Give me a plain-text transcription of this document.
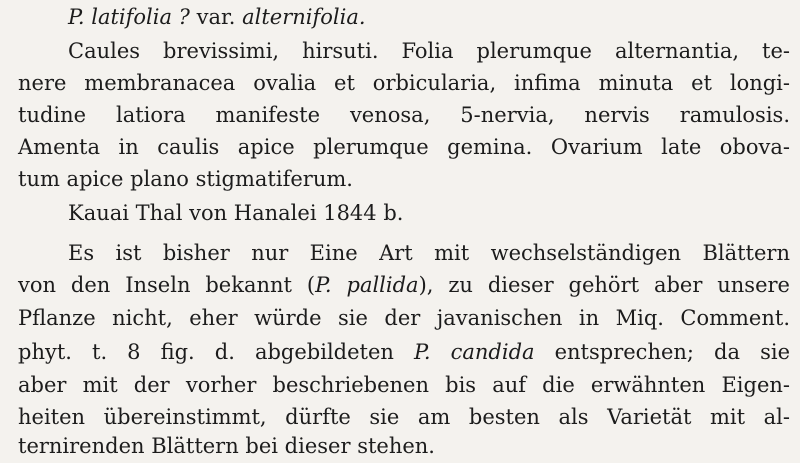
P. latifolia ? var. alternifolia.
Caules brevissimi, hirsuti. Folia plerumque alternantia, te-
nere membranacea ovalia et orbicularia, infima minuta et longi-
tudine latiora manifeste venosa, 5-nervia, nervis ramulosis.
Amenta in caulis apice plerumque gemina. Ovarium late obova-
tum apice plano stigmatiferum.
Kauai Thal von Hanalei 1844 b.
Es ist bisher nur Eine Art mit wechselständigen Blättern
von den Inseln bekannt (P. pallida), zu dieser gehört aber unsere
Pflanze nicht, eher würde sie der javanischen in Miq. Comment.
phyt. t. 8 fig. d. abgebildeten P. candida entsprechen; da sie
aber mit der vorher beschriebenen bis auf die erwähnten Eigen-
heiten übereinstimmt, dürfte sie am besten als Varietät mit al-
ternirenden Blättern bei dieser stehen.
